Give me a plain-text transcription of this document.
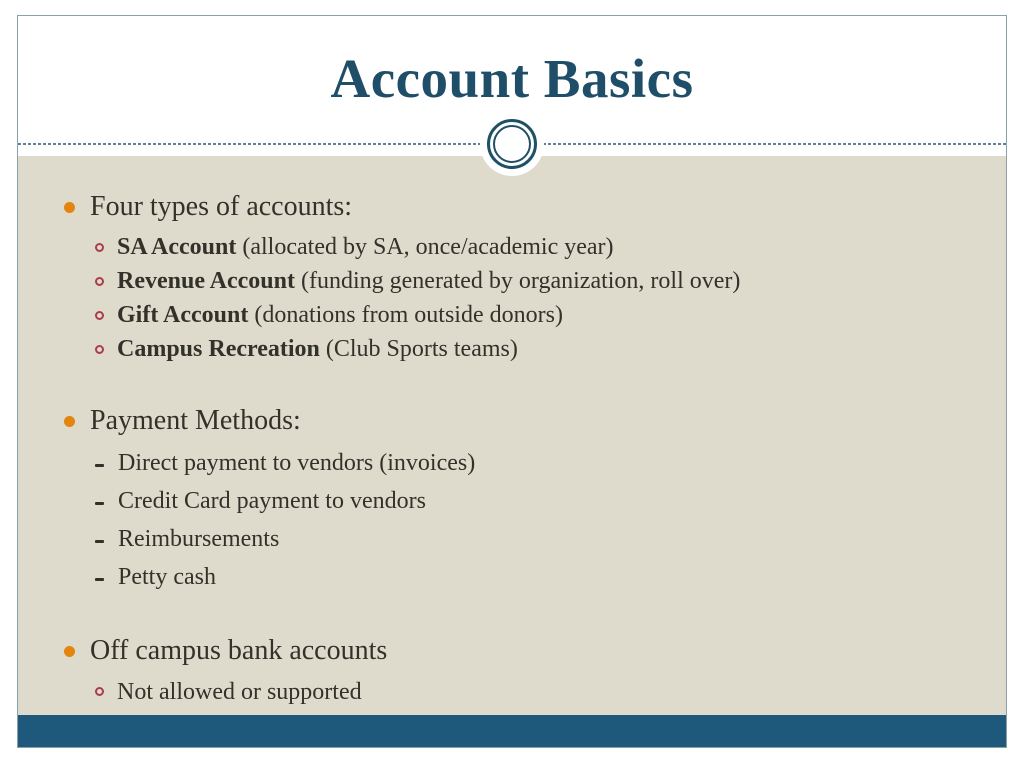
Account Basics
Four types of accounts:
SA Account (allocated by SA, once/academic year)
Revenue Account (funding generated by organization, roll over)
Gift Account (donations from outside donors)
Campus Recreation (Club Sports teams)
Payment Methods:
Direct payment to vendors (invoices)
Credit Card payment to vendors
Reimbursements
Petty cash
Off campus bank accounts
Not allowed or supported
